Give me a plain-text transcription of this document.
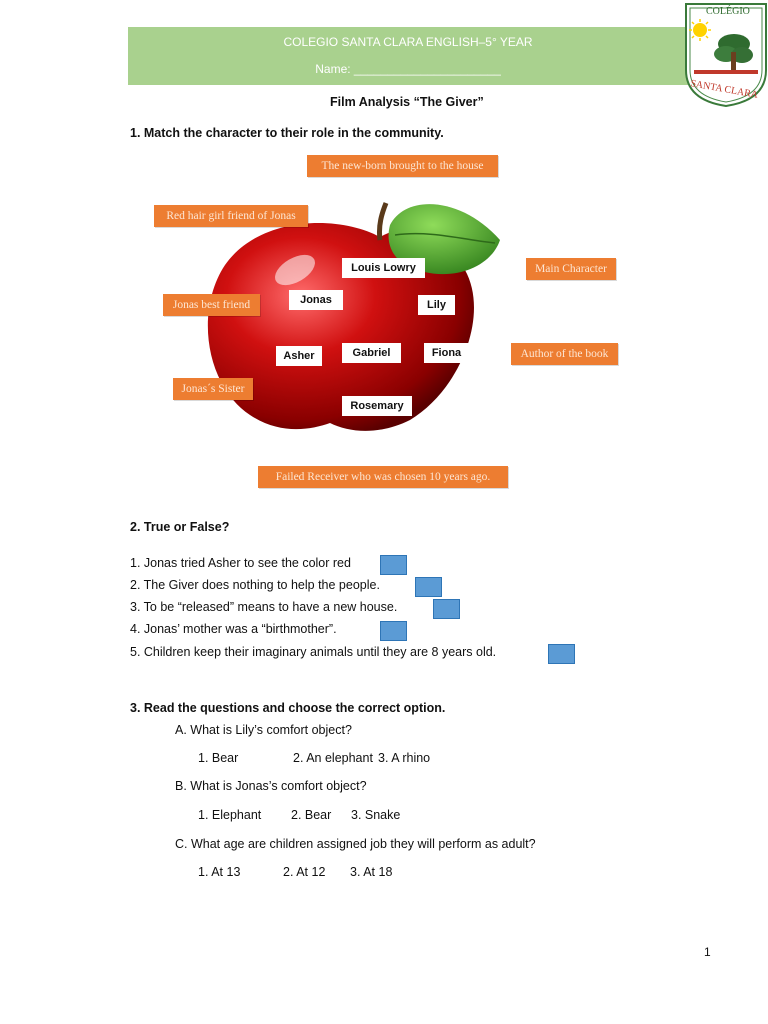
COLEGIO SANTA CLARA ENGLISH–5° YEAR
Name: ______________________
COLÉGIO
SANTA CLARA
Film Analysis “The Giver”
1. Match the character to their role in the community.
The new-born brought to the house
Red hair girl friend of Jonas
Main Character
Jonas best friend
Author of the book
Jonas´s Sister
Failed Receiver who was chosen 10 years ago.
Louis Lowry
Jonas	Lily
Asher	Gabriel	Fiona
Rosemary
2. True or False?
1. Jonas tried Asher to see the color red
2. The Giver does nothing to help the people.
3. To be “released” means to have a new house.
4. Jonas’ mother was a “birthmother”.
5. Children keep their imaginary animals until they are 8 years old.
3. Read the questions and choose the correct option.
A. What is Lily’s comfort object?
1. Bear	2. An elephant 3. A rhino
B. What is Jonas’s comfort object?
1. Elephant 2. Bear 3. Snake
C. What age are children assigned job they will perform as adult?
1. At 13	2. At 12 3. At 18
1
